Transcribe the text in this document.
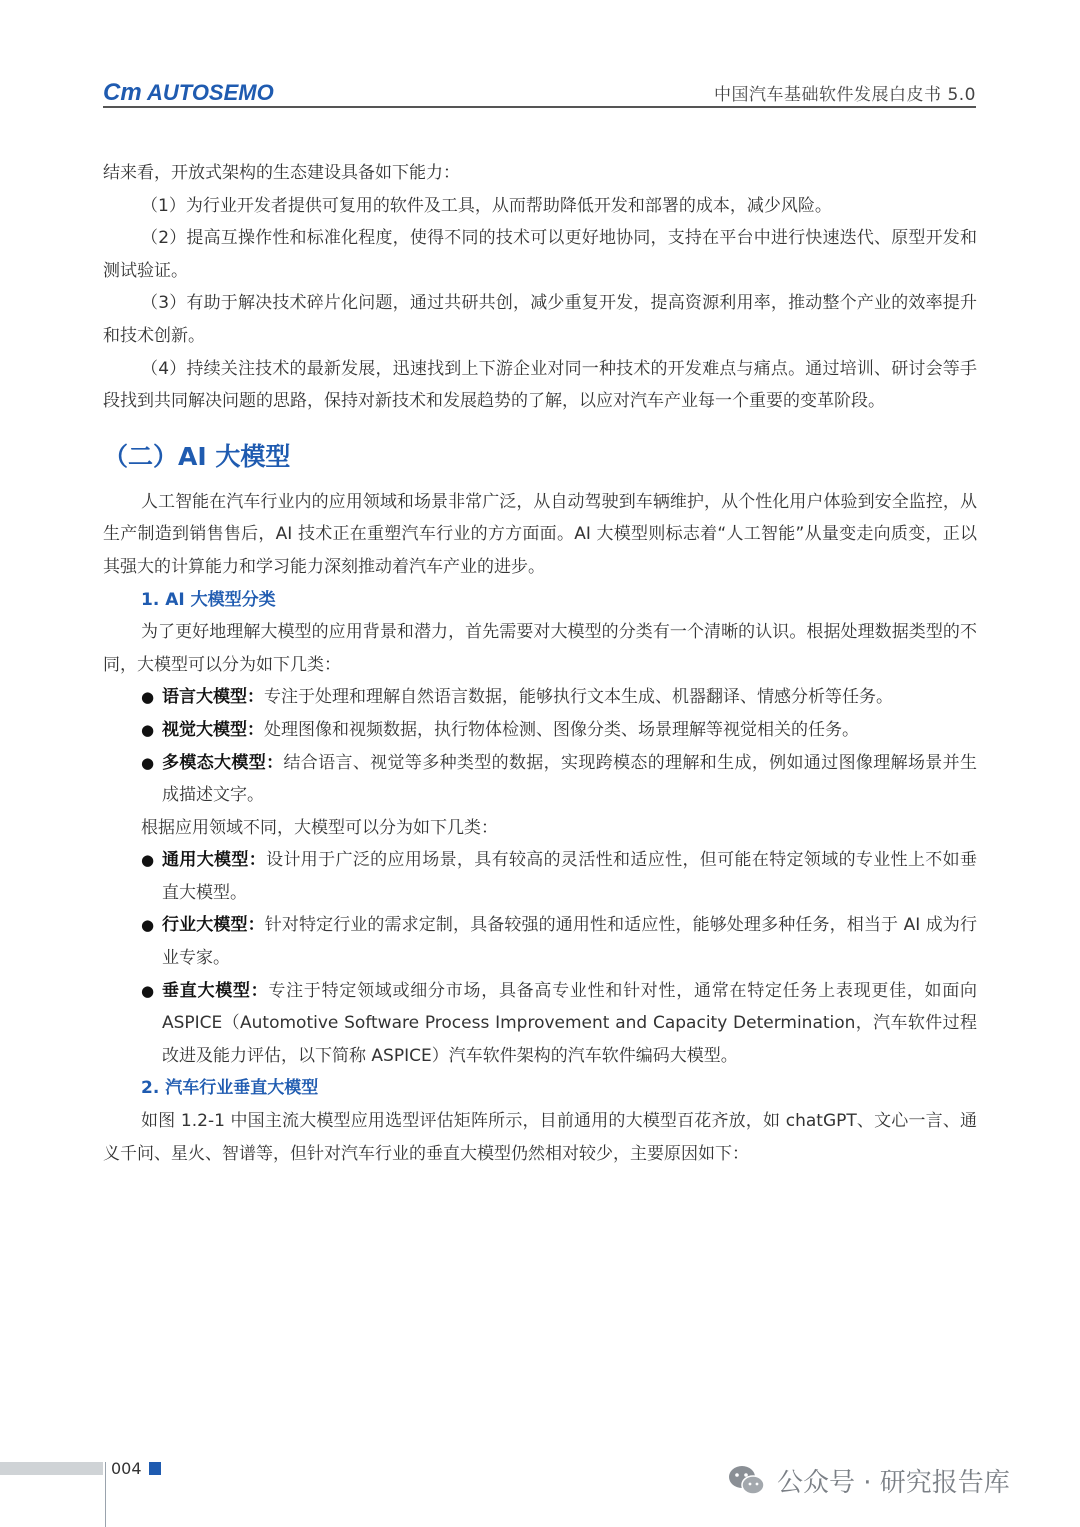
Cm AUTOSEMO	中国汽车基础软件发展白皮书 5.0

结来看，开放式架构的生态建设具备如下能力：

（1）为行业开发者提供可复用的软件及工具，从而帮助降低开发和部署的成本，减少风险。

（2）提高互操作性和标准化程度，使得不同的技术可以更好地协同，支持在平台中进行快速迭代、原型开发和测试验证。

（3）有助于解决技术碎片化问题，通过共研共创，减少重复开发，提高资源利用率，推动整个产业的效率提升和技术创新。

（4）持续关注技术的最新发展，迅速找到上下游企业对同一种技术的开发难点与痛点。通过培训、研讨会等手段找到共同解决问题的思路，保持对新技术和发展趋势的了解，以应对汽车产业每一个重要的变革阶段。

（二）AI 大模型

人工智能在汽车行业内的应用领域和场景非常广泛，从自动驾驶到车辆维护，从个性化用户体验到安全监控，从生产制造到销售售后，AI 技术正在重塑汽车行业的方方面面。AI 大模型则标志着“人工智能”从量变走向质变，正以其强大的计算能力和学习能力深刻推动着汽车产业的进步。

1. AI 大模型分类

为了更好地理解大模型的应用背景和潜力，首先需要对大模型的分类有一个清晰的认识。根据处理数据类型的不同，大模型可以分为如下几类：

● 语言大模型：专注于处理和理解自然语言数据，能够执行文本生成、机器翻译、情感分析等任务。

● 视觉大模型：处理图像和视频数据，执行物体检测、图像分类、场景理解等视觉相关的任务。

● 多模态大模型：结合语言、视觉等多种类型的数据，实现跨模态的理解和生成，例如通过图像理解场景并生成描述文字。

根据应用领域不同，大模型可以分为如下几类：

● 通用大模型：设计用于广泛的应用场景，具有较高的灵活性和适应性，但可能在特定领域的专业性上不如垂直大模型。

● 行业大模型：针对特定行业的需求定制，具备较强的通用性和适应性，能够处理多种任务，相当于 AI 成为行业专家。

● 垂直大模型：专注于特定领域或细分市场，具备高专业性和针对性，通常在特定任务上表现更佳，如面向 ASPICE（Automotive Software Process Improvement and Capacity Determination，汽车软件过程改进及能力评估，以下简称 ASPICE）汽车软件架构的汽车软件编码大模型。

2. 汽车行业垂直大模型

如图 1.2-1 中国主流大模型应用选型评估矩阵所示，目前通用的大模型百花齐放，如 chatGPT、文心一言、通义千问、星火、智谱等，但针对汽车行业的垂直大模型仍然相对较少，主要原因如下：

004	公众号 · 研究报告库
